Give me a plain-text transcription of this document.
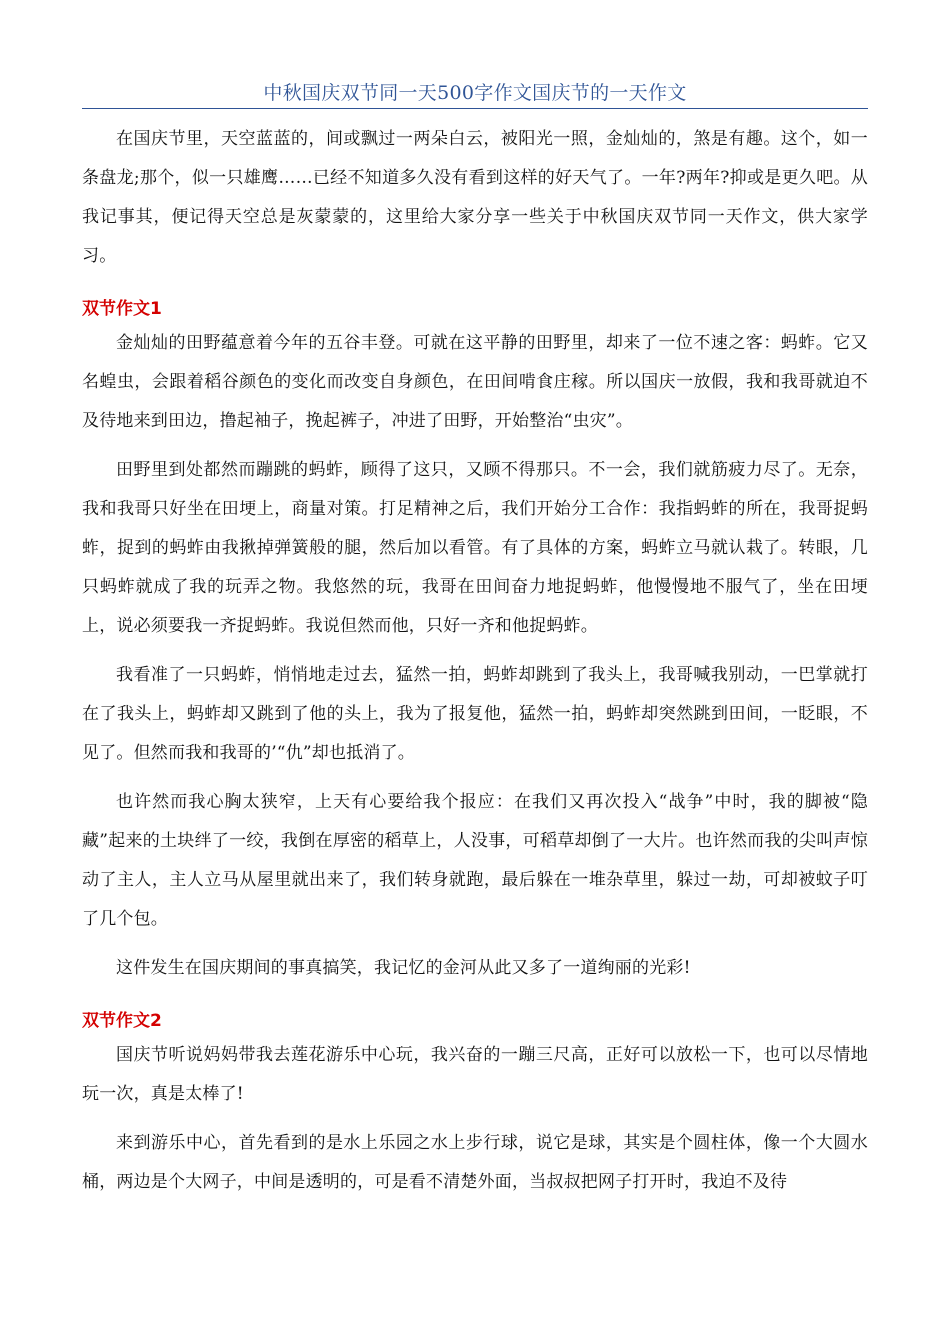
中秋国庆双节同一天500字作文国庆节的一天作文

在国庆节里，天空蓝蓝的，间或飘过一两朵白云，被阳光一照，金灿灿的，煞是有趣。这个，如一条盘龙;那个，似一只雄鹰……已经不知道多久没有看到这样的好天气了。一年?两年?抑或是更久吧。从我记事其，便记得天空总是灰蒙蒙的，这里给大家分享一些关于中秋国庆双节同一天作文，供大家学习。

双节作文1

金灿灿的田野蕴意着今年的五谷丰登。可就在这平静的田野里，却来了一位不速之客：蚂蚱。它又名蝗虫，会跟着稻谷颜色的变化而改变自身颜色，在田间啃食庄稼。所以国庆一放假，我和我哥就迫不及待地来到田边，撸起袖子，挽起裤子，冲进了田野，开始整治“虫灾”。

田野里到处都然而蹦跳的蚂蚱，顾得了这只，又顾不得那只。不一会，我们就筋疲力尽了。无奈，我和我哥只好坐在田埂上，商量对策。打足精神之后，我们开始分工合作：我指蚂蚱的所在，我哥捉蚂蚱，捉到的蚂蚱由我揪掉弹簧般的腿，然后加以看管。有了具体的方案，蚂蚱立马就认栽了。转眼，几只蚂蚱就成了我的玩弄之物。我悠然的玩，我哥在田间奋力地捉蚂蚱，他慢慢地不服气了，坐在田埂上，说必须要我一齐捉蚂蚱。我说但然而他，只好一齐和他捉蚂蚱。

我看准了一只蚂蚱，悄悄地走过去，猛然一拍，蚂蚱却跳到了我头上，我哥喊我别动，一巴掌就打在了我头上，蚂蚱却又跳到了他的头上，我为了报复他，猛然一拍，蚂蚱却突然跳到田间，一眨眼，不见了。但然而我和我哥的’“仇”却也抵消了。

也许然而我心胸太狭窄，上天有心要给我个报应：在我们又再次投入“战争”中时，我的脚被“隐藏”起来的土块绊了一绞，我倒在厚密的稻草上，人没事，可稻草却倒了一大片。也许然而我的尖叫声惊动了主人，主人立马从屋里就出来了，我们转身就跑，最后躲在一堆杂草里，躲过一劫，可却被蚊子叮了几个包。

这件发生在国庆期间的事真搞笑，我记忆的金河从此又多了一道绚丽的光彩!

双节作文2

国庆节听说妈妈带我去莲花游乐中心玩，我兴奋的一蹦三尺高，正好可以放松一下，也可以尽情地玩一次，真是太棒了!

来到游乐中心，首先看到的是水上乐园之水上步行球，说它是球，其实是个圆柱体，像一个大圆水桶，两边是个大网子，中间是透明的，可是看不清楚外面，当叔叔把网子打开时，我迫不及待
